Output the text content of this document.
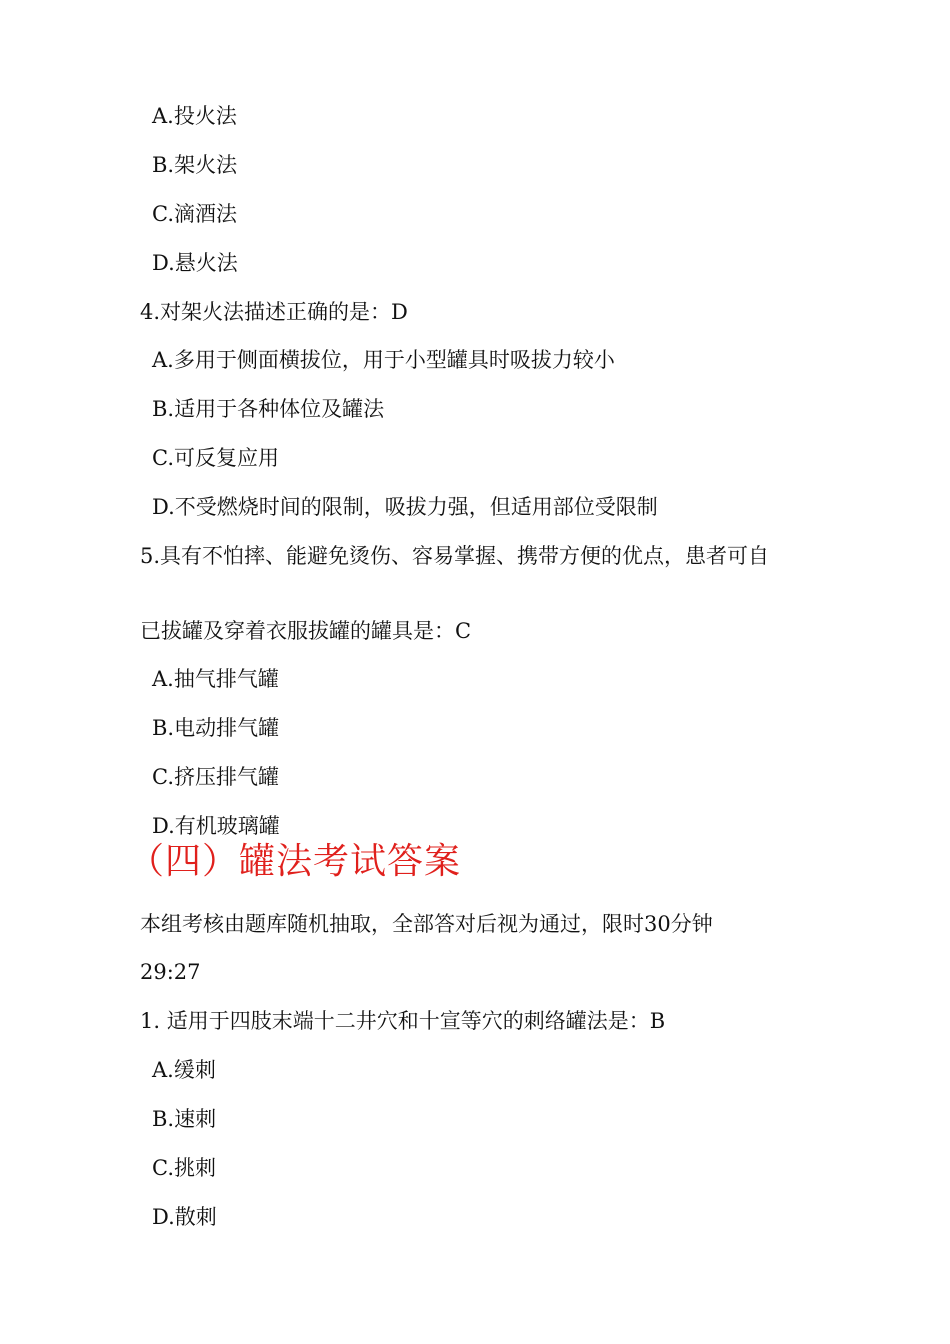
A.投火法
B.架火法
C.滴酒法
D.悬火法
4.对架火法描述正确的是：D
A.多用于侧面横拔位，用于小型罐具时吸拔力较小
B.适用于各种体位及罐法
C.可反复应用
D.不受燃烧时间的限制，吸拔力强，但适用部位受限制
5.具有不怕摔、能避免烫伤、容易掌握、携带方便的优点，患者可自
已拔罐及穿着衣服拔罐的罐具是：C
A.抽气排气罐
B.电动排气罐
C.挤压排气罐
D.有机玻璃罐
（四）罐法考试答案
本组考核由题库随机抽取，全部答对后视为通过，限时30分钟
29:27
1. 适用于四肢末端十二井穴和十宣等穴的刺络罐法是：B
A.缓刺
B.速刺
C.挑刺
D.散刺
